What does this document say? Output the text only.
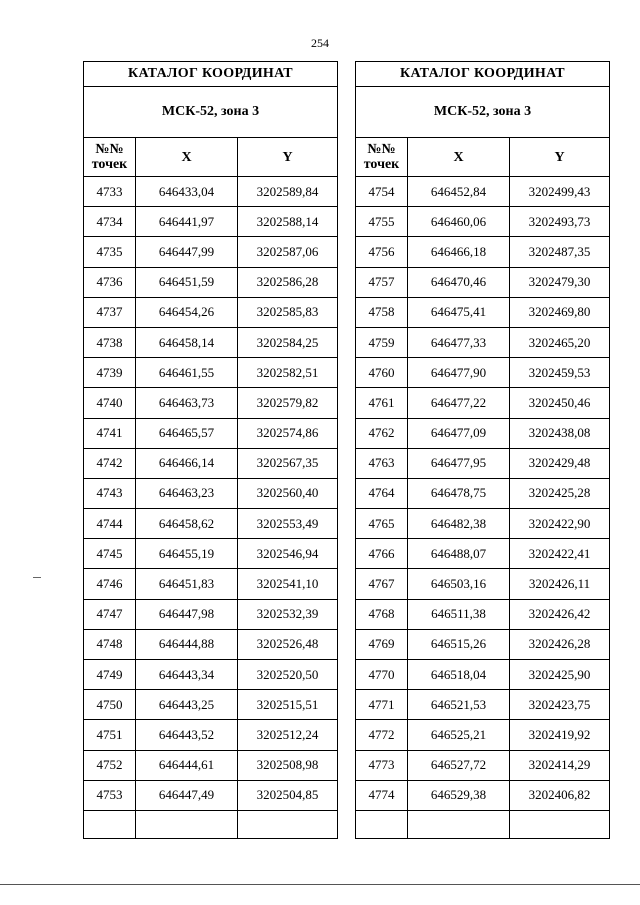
254
КАТАЛОГ КООРДИНАТ		
МСК-52, зона 3		
№№ точек	X	Y
4733	646433,04	3202589,84
4734	646441,97	3202588,14
4735	646447,99	3202587,06
4736	646451,59	3202586,28
4737	646454,26	3202585,83
4738	646458,14	3202584,25
4739	646461,55	3202582,51
4740	646463,73	3202579,82
4741	646465,57	3202574,86
4742	646466,14	3202567,35
4743	646463,23	3202560,40
4744	646458,62	3202553,49
4745	646455,19	3202546,94
4746	646451,83	3202541,10
4747	646447,98	3202532,39
4748	646444,88	3202526,48
4749	646443,34	3202520,50
4750	646443,25	3202515,51
4751	646443,52	3202512,24
4752	646444,61	3202508,98
4753	646447,49	3202504,85

КАТАЛОГ КООРДИНАТ		
МСК-52, зона 3		
№№ точек	X	Y
4754	646452,84	3202499,43
4755	646460,06	3202493,73
4756	646466,18	3202487,35
4757	646470,46	3202479,30
4758	646475,41	3202469,80
4759	646477,33	3202465,20
4760	646477,90	3202459,53
4761	646477,22	3202450,46
4762	646477,09	3202438,08
4763	646477,95	3202429,48
4764	646478,75	3202425,28
4765	646482,38	3202422,90
4766	646488,07	3202422,41
4767	646503,16	3202426,11
4768	646511,38	3202426,42
4769	646515,26	3202426,28
4770	646518,04	3202425,90
4771	646521,53	3202423,75
4772	646525,21	3202419,92
4773	646527,72	3202414,29
4774	646529,38	3202406,82
